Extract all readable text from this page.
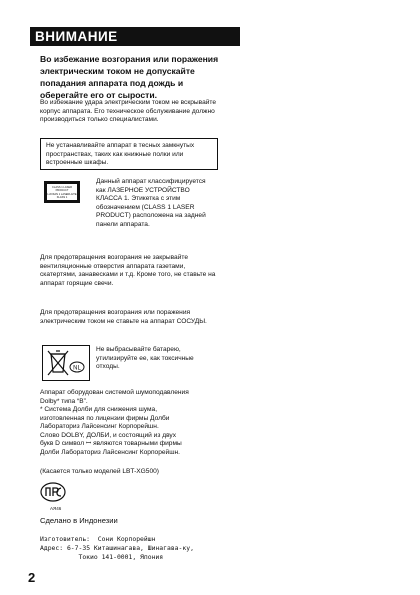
ВНИМАНИЕ
Во избежание возгорания или поражения электрическим током не допускайте попадания аппарата под дождь и оберегайте его от сырости.
Во избежание удара электрическим током не вскрывайте корпус аппарата. Его техническое обслуживание должно производиться только специалистами.
Не устанавливайте аппарат в тесных замкнутых пространствах, таких как книжные полки или встроенные шкафы.
CLASS 1 LASER PRODUCT
LUOKAN 1 LASERLAITE
KLASS 1 LASERAPPARAT
Данный аппарат классифицируется как ЛАЗЕРНОЕ УСТРОЙСТВО КЛАССА 1. Этикетка с этим обозначением (CLASS 1 LASER PRODUCT) расположена на задней панели аппарата.
Для предотвращения возгорания не закрывайте вентиляционные отверстия аппарата газетами, скатертями, занавесками и т.д. Кроме того, не ставьте на аппарат горящие свечи.
Для предотвращения возгорания или поражения электрическим током не ставьте на аппарат СОСУДЫ.
NL
Не выбрасывайте батарею, утилизируйте ее, как токсичные отходы.
Аппарат оборудован системой шумоподавления
Dolby* типа “B”.
* Система Долби для снижения шума,
изготовленная по лицензии фирмы Долби
Лабораториз Лайсенсинг Корпорейшн.
Слово DOLBY, ДОЛБИ, и состоящий из двух
букв D символ ꟷ являются товарными фирмы
Долби Лабораториз Лайсенсинг Корпорейшн.
(Касается только моделей LBT-XG500)
АЯ46
Сделано в Индонезии
Изготовитель: Сони Корпорейшн
Адрес: 6-7-35 Киташинагава, Шинагава-ку,
Токио 141-0001, Япония
2
